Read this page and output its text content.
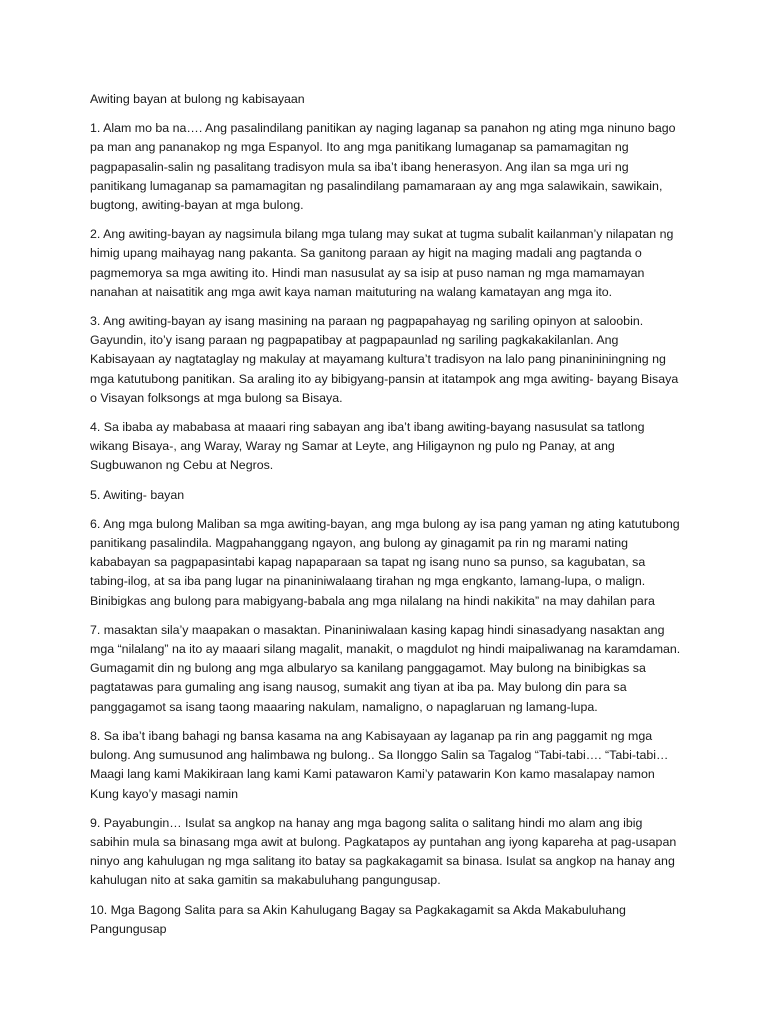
Awiting bayan at bulong ng kabisayaan

1. Alam mo ba na…. Ang pasalindilang panitikan ay naging laganap sa panahon ng ating mga ninuno bago pa man ang pananakop ng mga Espanyol. Ito ang mga panitikang lumaganap sa pamamagitan ng pagpapasalin-salin ng pasalitang tradisyon mula sa iba’t ibang henerasyon. Ang ilan sa mga uri ng panitikang lumaganap sa pamamagitan ng pasalindilang pamamaraan ay ang mga salawikain, sawikain, bugtong, awiting-bayan at mga bulong.

2. Ang awiting-bayan ay nagsimula bilang mga tulang may sukat at tugma subalit kailanman’y nilapatan ng himig upang maihayag nang pakanta. Sa ganitong paraan ay higit na maging madali ang pagtanda o pagmemorya sa mga awiting ito. Hindi man nasusulat ay sa isip at puso naman ng mga mamamayan nanahan at naisatitik ang mga awit kaya naman maituturing na walang kamatayan ang mga ito.

3. Ang awiting-bayan ay isang masining na paraan ng pagpapahayag ng sariling opinyon at saloobin. Gayundin, ito’y isang paraan ng pagpapatibay at pagpapaunlad ng sariling pagkakakilanlan. Ang Kabisayaan ay nagtataglay ng makulay at mayamang kultura’t tradisyon na lalo pang pinanininingning ng mga katutubong panitikan. Sa araling ito ay bibigyang-pansin at itatampok ang mga awiting- bayang Bisaya o Visayan folksongs at mga bulong sa Bisaya.

4. Sa ibaba ay mababasa at maaari ring sabayan ang iba’t ibang awiting-bayang nasusulat sa tatlong wikang Bisaya-, ang Waray, Waray ng Samar at Leyte, ang Hiligaynon ng pulo ng Panay, at ang Sugbuwanon ng Cebu at Negros.

5. Awiting- bayan

6. Ang mga bulong Maliban sa mga awiting-bayan, ang mga bulong ay isa pang yaman ng ating katutubong panitikang pasalindila. Magpahanggang ngayon, ang bulong ay ginagamit pa rin ng marami nating kababayan sa pagpapasintabi kapag napaparaan sa tapat ng isang nuno sa punso, sa kagubatan, sa tabing-ilog, at sa iba pang lugar na pinaniniwalaang tirahan ng mga engkanto, lamang-lupa, o malign. Binibigkas ang bulong para mabigyang-babala ang mga nilalang na hindi nakikita” na may dahilan para

7. masaktan sila’y maapakan o masaktan. Pinaniniwalaan kasing kapag hindi sinasadyang nasaktan ang mga “nilalang” na ito ay maaari silang magalit, manakit, o magdulot ng hindi maipaliwanag na karamdaman. Gumagamit din ng bulong ang mga albularyo sa kanilang panggagamot. May bulong na binibigkas sa pagtatawas para gumaling ang isang nausog, sumakit ang tiyan at iba pa. May bulong din para sa panggagamot sa isang taong maaaring nakulam, namaligno, o napaglaruan ng lamang-lupa.

8. Sa iba’t ibang bahagi ng bansa kasama na ang Kabisayaan ay laganap pa rin ang paggamit ng mga bulong. Ang sumusunod ang halimbawa ng bulong.. Sa Ilonggo Salin sa Tagalog “Tabi-tabi…. “Tabi-tabi… Maagi lang kami Makikiraan lang kami Kami patawaron Kami’y patawarin Kon kamo masalapay namon Kung kayo’y masagi namin

9. Payabungin… Isulat sa angkop na hanay ang mga bagong salita o salitang hindi mo alam ang ibig sabihin mula sa binasang mga awit at bulong. Pagkatapos ay puntahan ang iyong kapareha at pag-usapan ninyo ang kahulugan ng mga salitang ito batay sa pagkakagamit sa binasa. Isulat sa angkop na hanay ang kahulugan nito at saka gamitin sa makabuluhang pangungusap.

10. Mga Bagong Salita para sa Akin Kahulugang Bagay sa Pagkakagamit sa Akda Makabuluhang Pangungusap
